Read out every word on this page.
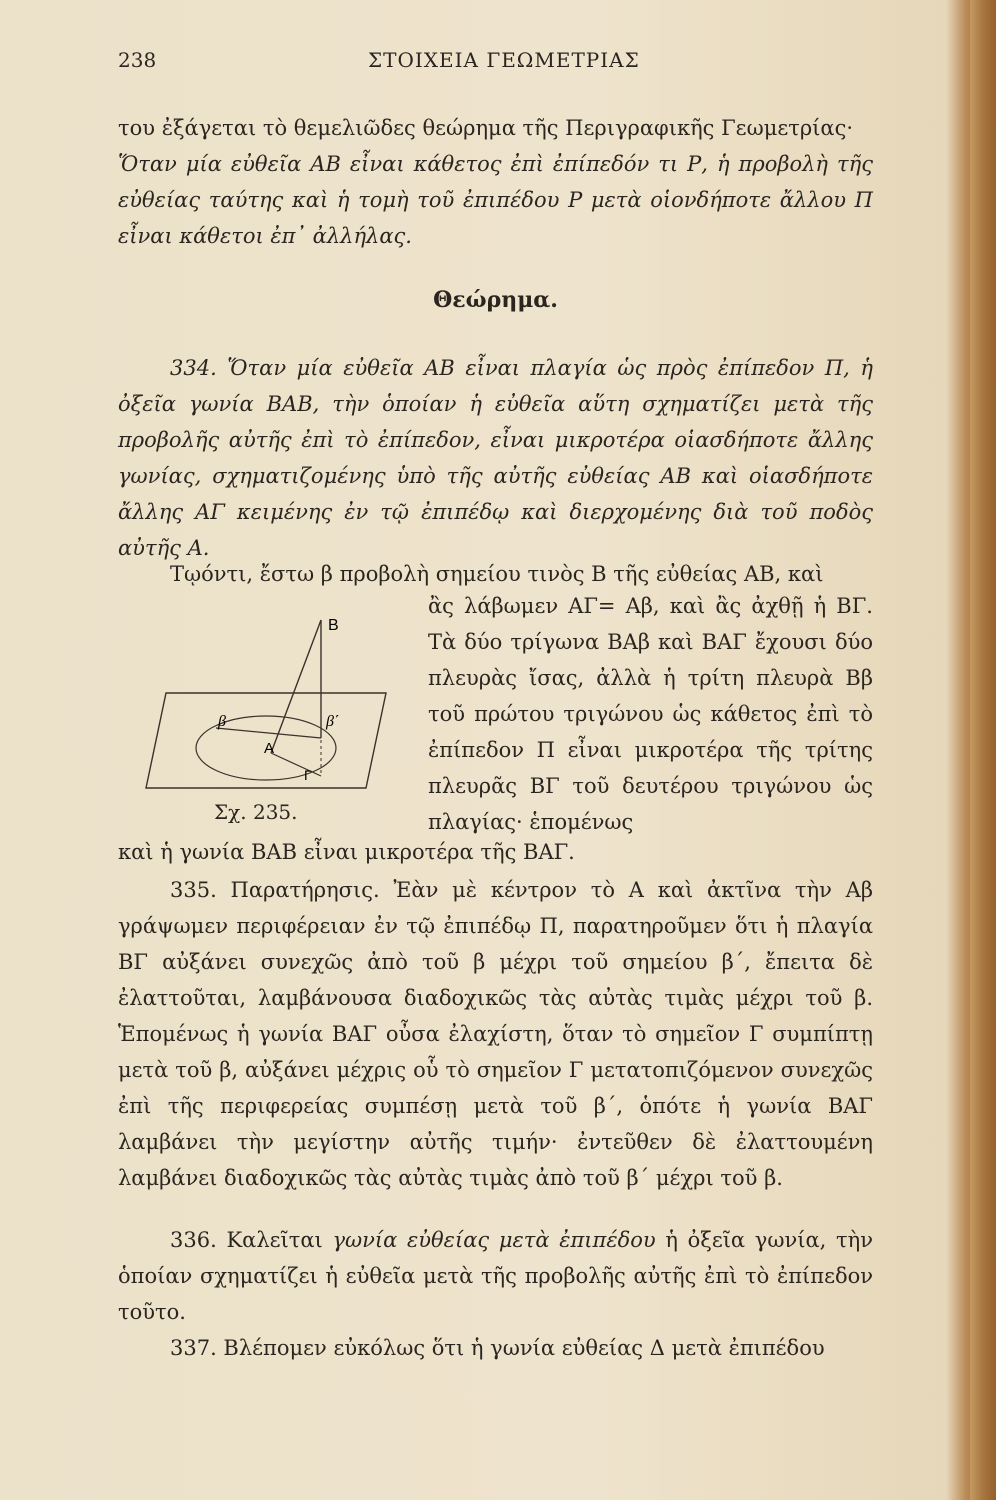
238	ΣΤΟΙΧΕΙΑ ΓΕΩΜΕΤΡΙΑΣ

του ἐξάγεται τὸ θεμελιῶδες θεώρημα τῆς Περιγραφικῆς Γεωμετρίας·

Ὅταν μία εὐθεῖα ΑΒ εἶναι κάθετος ἐπὶ ἐπίπεδόν τι Ρ, ἡ προβολὴ τῆς εὐθείας ταύτης καὶ ἡ τομὴ τοῦ ἐπιπέδου Ρ μετὰ οἱονδήποτε ἄλλου Π εἶναι κάθετοι ἐπ᾽ ἀλλήλας.

Θεώρημα.

334. Ὅταν μία εὐθεῖα ΑΒ εἶναι πλαγία ὡς πρὸς ἐπίπεδον Π, ἡ ὀξεῖα γωνία ΒΑΒ, τὴν ὁποίαν ἡ εὐθεῖα αὕτη σχηματίζει μετὰ τῆς προβολῆς αὐτῆς ἐπὶ τὸ ἐπίπεδον, εἶναι μικροτέρα οἱασδήποτε ἄλλης γωνίας, σχηματιζομένης ὑπὸ τῆς αὐτῆς εὐθείας ΑΒ καὶ οἱασδήποτε ἄλλης ΑΓ κειμένης ἐν τῷ ἐπιπέδῳ καὶ διερχομένης διὰ τοῦ ποδὸς αὐτῆς Α.

Τῳόντι, ἔστω β προβολὴ σημείου τινὸς Β τῆς εὐθείας ΑΒ, καὶ

B
β	β΄
A
Γ
Σχ. 235.

ἂς λάβωμεν ΑΓ= Αβ, καὶ ἂς ἀχθῇ ἡ ΒΓ. Τὰ δύο τρίγωνα ΒΑβ καὶ ΒΑΓ ἔχουσι δύο πλευρὰς ἴσας, ἀλλὰ ἡ τρίτη πλευρὰ Ββ τοῦ πρώτου τριγώνου ὡς κάθετος ἐπὶ τὸ ἐπίπεδον Π εἶναι μικροτέρα τῆς τρίτης πλευρᾶς ΒΓ τοῦ δευτέρου τριγώνου ὡς πλαγίας· ἑπομένως

καὶ ἡ γωνία ΒΑΒ εἶναι μικροτέρα τῆς ΒΑΓ.

335. Παρατήρησις. Ἐὰν μὲ κέντρον τὸ Α καὶ ἀκτῖνα τὴν Αβ γράψωμεν περιφέρειαν ἐν τῷ ἐπιπέδῳ Π, παρατηροῦμεν ὅτι ἡ πλαγία ΒΓ αὐξάνει συνεχῶς ἀπὸ τοῦ β μέχρι τοῦ σημείου β΄, ἔπειτα δὲ ἐλαττοῦται, λαμβάνουσα διαδοχικῶς τὰς αὐτὰς τιμὰς μέχρι τοῦ β. Ἑπομένως ἡ γωνία ΒΑΓ οὖσα ἐλαχίστη, ὅταν τὸ σημεῖον Γ συμπίπτῃ μετὰ τοῦ β, αὐξάνει μέχρις οὗ τὸ σημεῖον Γ μετατοπιζόμενον συνεχῶς ἐπὶ τῆς περιφερείας συμπέσῃ μετὰ τοῦ β΄, ὁπότε ἡ γωνία ΒΑΓ λαμβάνει τὴν μεγίστην αὐτῆς τιμήν· ἐντεῦθεν δὲ ἐλαττουμένη λαμβάνει διαδοχικῶς τὰς αὐτὰς τιμὰς ἀπὸ τοῦ β΄ μέχρι τοῦ β.

336. Καλεῖται γωνία εὐθείας μετὰ ἐπιπέδου ἡ ὀξεῖα γωνία, τὴν ὁποίαν σχηματίζει ἡ εὐθεῖα μετὰ τῆς προβολῆς αὐτῆς ἐπὶ τὸ ἐπίπεδον τοῦτο.

337. Βλέπομεν εὐκόλως ὅτι ἡ γωνία εὐθείας Δ μετὰ ἐπιπέδου
